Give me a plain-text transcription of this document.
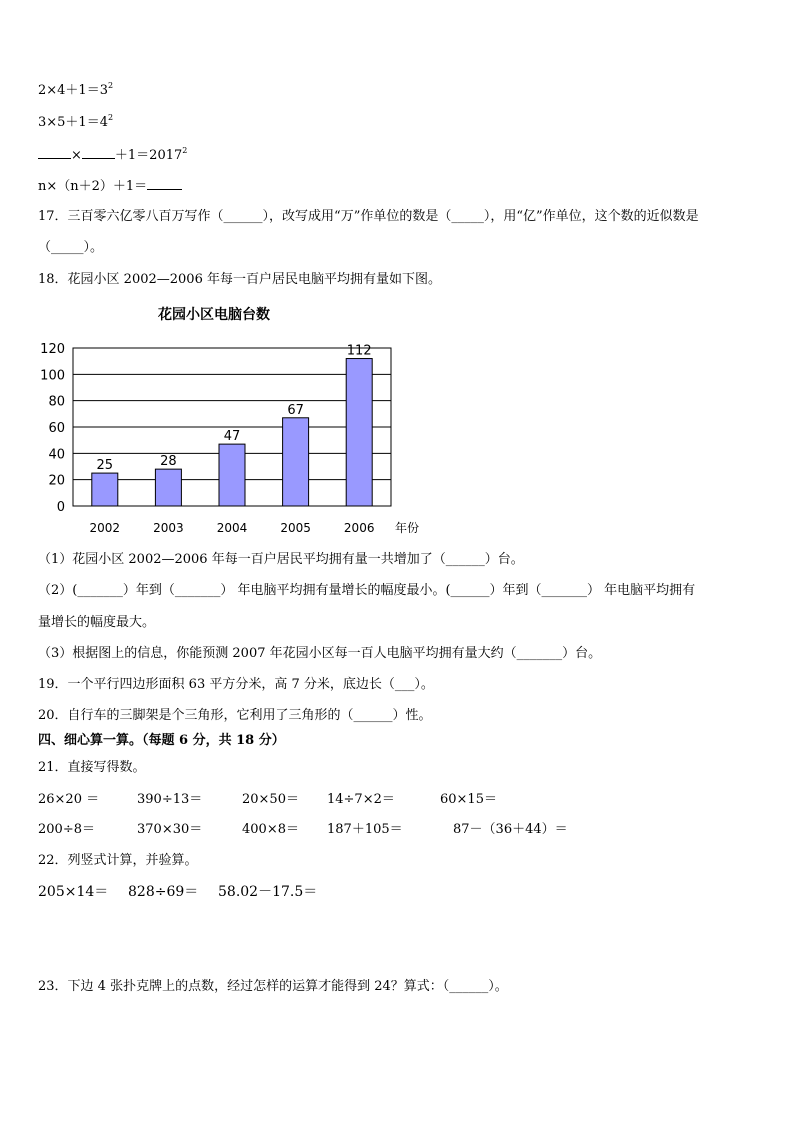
$2\times 4+1=3^2$
$3\times 5+1=4^2$
×	$+1=2017^2$
n×（n＋2）＋1＝
17．三百零六亿零八百万写作（______），改写成用“万”作单位的数是（_____），用“亿”作单位，这个数的近似数是
（_____）。
18．花园小区 2002—2006 年每一百户居民电脑平均拥有量如下图。
花园小区电脑台数
0
20
40
60
80
100
120
25	28
47
67
112
2002	2003	2004	2005	2006 年份
（1）花园小区 2002—2006 年每一百户居民平均拥有量一共增加了（______）台。
（2）(_______）年到（_______） 年电脑平均拥有量增长的幅度最小。(______）年到（_______） 年电脑平均拥有
量增长的幅度最大。
（3）根据图上的信息，你能预测 2007 年花园小区每一百人电脑平均拥有量大约（_______）台。
19．一个平行四边形面积 63 平方分米，高 7 分米，底边长（___）。
20．自行车的三脚架是个三角形，它利用了三角形的（______）性。
四、细心算一算。（每题 6 分，共 18 分）
21．直接写得数。
26×20 ＝	390÷13＝	20×50＝ 14÷7×2＝	60×15＝
200÷8＝	370×30＝	400×8＝ 187＋105＝	87－（36＋44）＝
22．列竖式计算，并验算。
205×14＝ 828÷69＝ 58.02－17.5＝
23．下边 4 张扑克牌上的点数，经过怎样的运算才能得到 24？算式：（______）。
